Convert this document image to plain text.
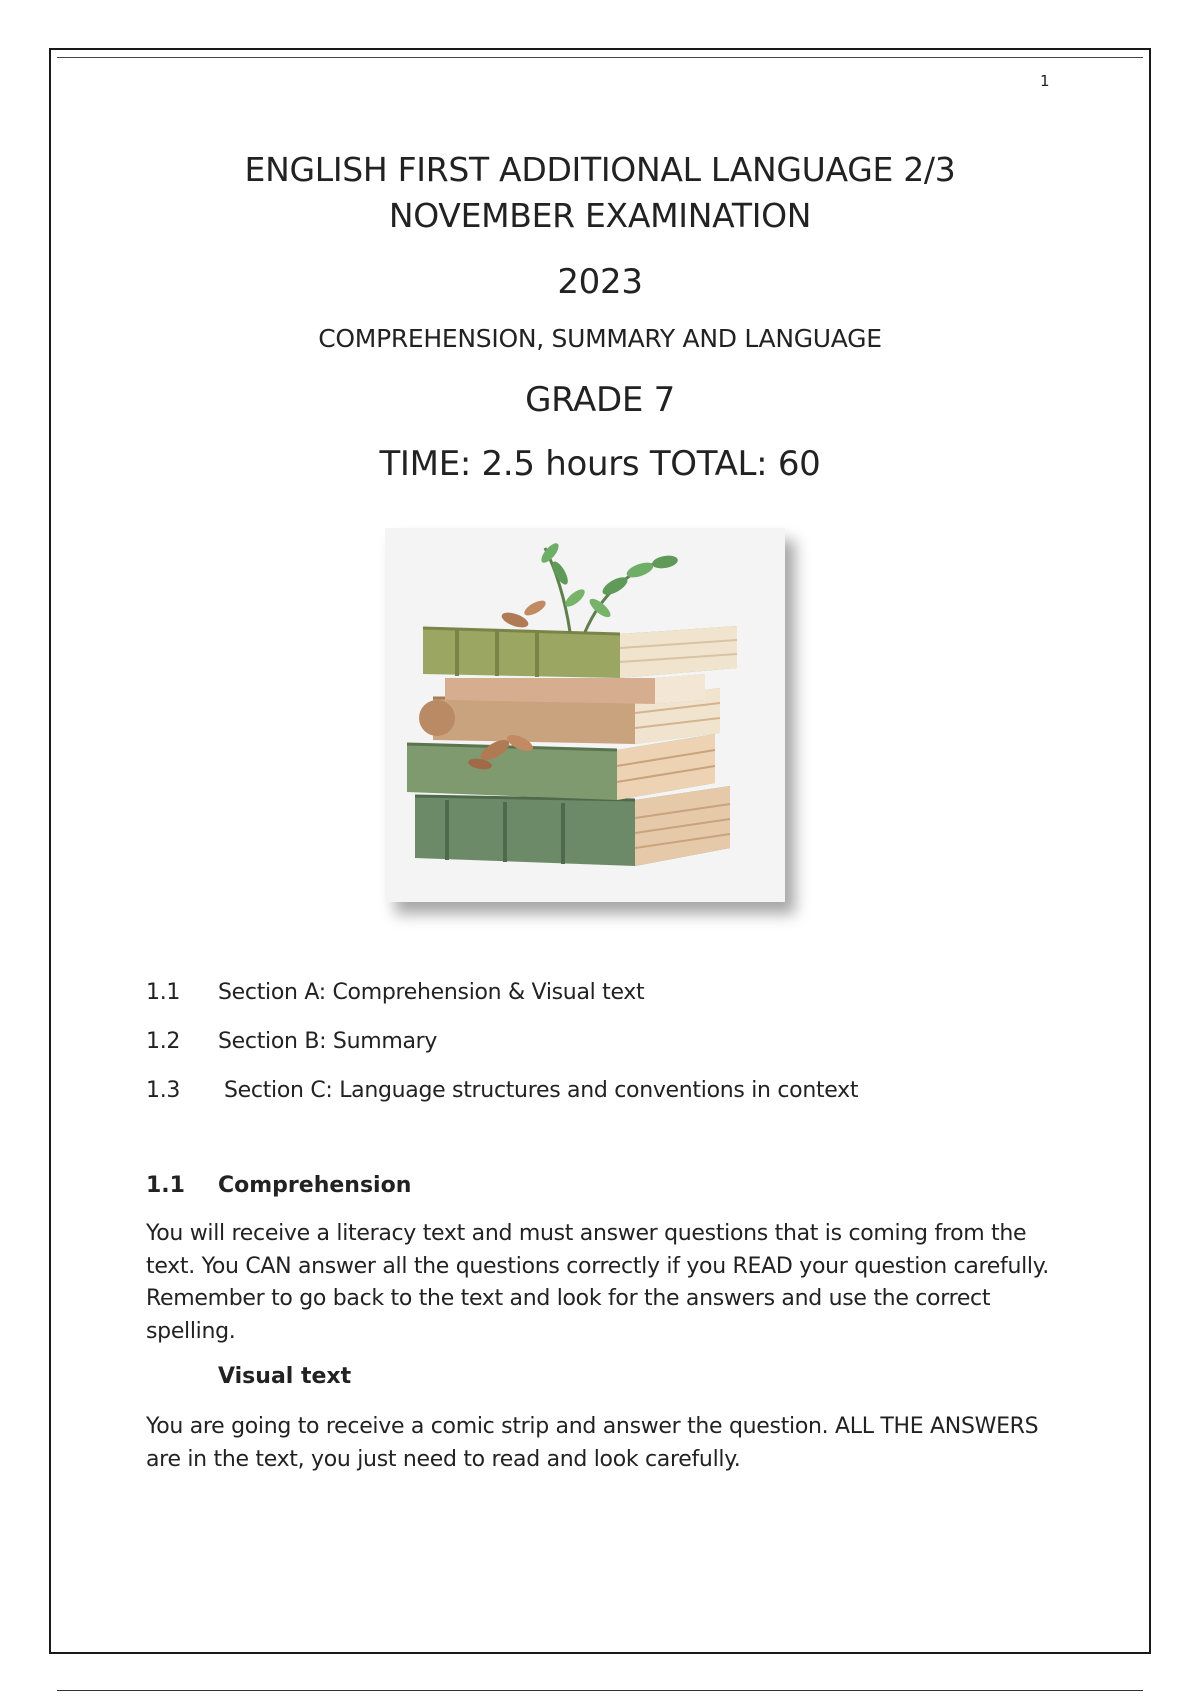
1
ENGLISH FIRST ADDITIONAL LANGUAGE 2/3
NOVEMBER EXAMINATION
2023
COMPREHENSION, SUMMARY AND LANGUAGE
GRADE 7
TIME: 2.5 hours TOTAL: 60
1.1 Section A: Comprehension & Visual text
1.2 Section B: Summary
1.3 Section C: Language structures and conventions in context
1.1 Comprehension
You will receive a literacy text and must answer questions that is coming from the text. You CAN answer all the questions correctly if you READ your question carefully. Remember to go back to the text and look for the answers and use the correct spelling.
Visual text
You are going to receive a comic strip and answer the question. ALL THE ANSWERS are in the text, you just need to read and look carefully.
